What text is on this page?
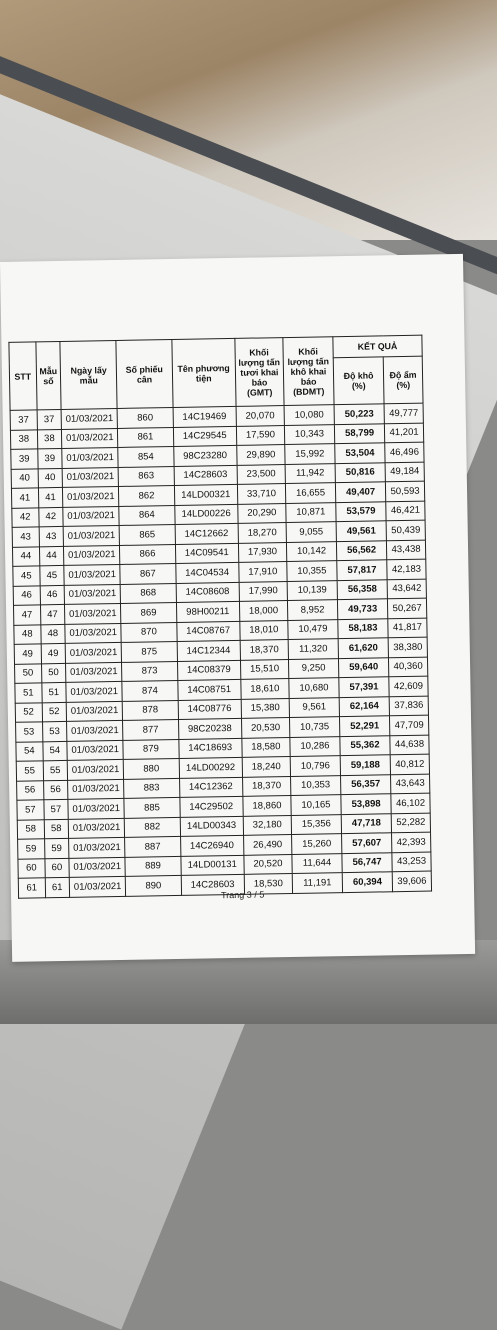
STT	Mẫu số	Ngày lấy mẫu	Số phiếu cân	Tên phương tiện	Khối lượng tấn tươi khai báo (GMT)	Khối lượng tấn khô khai báo (BDMT)	KẾT QUẢ	
							Độ khô (%)	Độ ẩm (%)
37	37	01/03/2021	860	14C19469	20,070	10,080	50,223	49,777
38	38	01/03/2021	861	14C29545	17,590	10,343	58,799	41,201
39	39	01/03/2021	854	98C23280	29,890	15,992	53,504	46,496
40	40	01/03/2021	863	14C28603	23,500	11,942	50,816	49,184
41	41	01/03/2021	862	14LD00321	33,710	16,655	49,407	50,593
42	42	01/03/2021	864	14LD00226	20,290	10,871	53,579	46,421
43	43	01/03/2021	865	14C12662	18,270	9,055	49,561	50,439
44	44	01/03/2021	866	14C09541	17,930	10,142	56,562	43,438
45	45	01/03/2021	867	14C04534	17,910	10,355	57,817	42,183
46	46	01/03/2021	868	14C08608	17,990	10,139	56,358	43,642
47	47	01/03/2021	869	98H00211	18,000	8,952	49,733	50,267
48	48	01/03/2021	870	14C08767	18,010	10,479	58,183	41,817
49	49	01/03/2021	875	14C12344	18,370	11,320	61,620	38,380
50	50	01/03/2021	873	14C08379	15,510	9,250	59,640	40,360
51	51	01/03/2021	874	14C08751	18,610	10,680	57,391	42,609
52	52	01/03/2021	878	14C08776	15,380	9,561	62,164	37,836
53	53	01/03/2021	877	98C20238	20,530	10,735	52,291	47,709
54	54	01/03/2021	879	14C18693	18,580	10,286	55,362	44,638
55	55	01/03/2021	880	14LD00292	18,240	10,796	59,188	40,812
56	56	01/03/2021	883	14C12362	18,370	10,353	56,357	43,643
57	57	01/03/2021	885	14C29502	18,860	10,165	53,898	46,102
58	58	01/03/2021	882	14LD00343	32,180	15,356	47,718	52,282
59	59	01/03/2021	887	14C26940	26,490	15,260	57,607	42,393
60	60	01/03/2021	889	14LD00131	20,520	11,644	56,747	43,253
61	61	01/03/2021	890	14C28603	18,530	11,191	60,394	39,606
Trang 3 / 5
